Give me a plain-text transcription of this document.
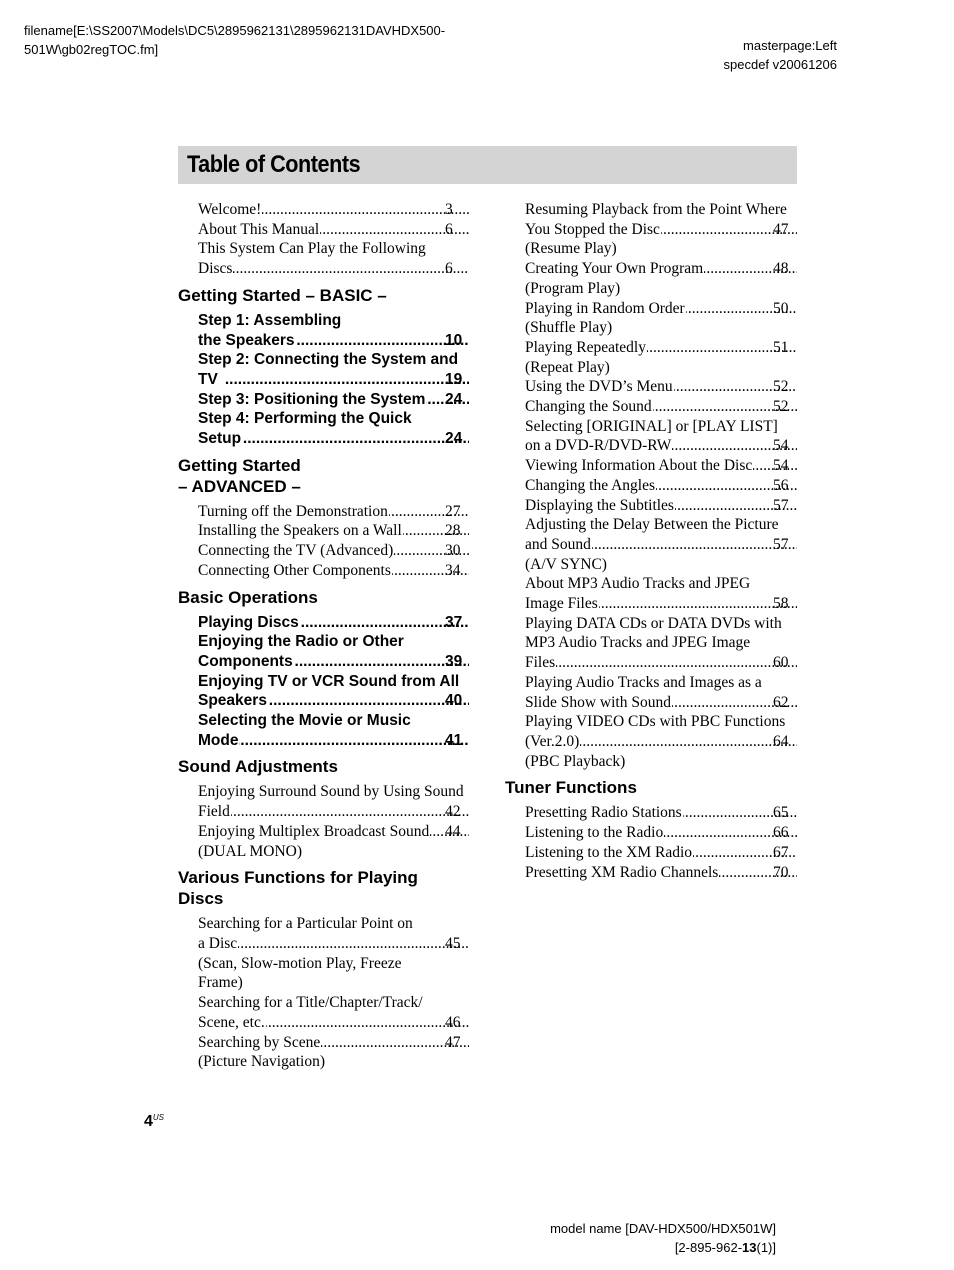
filename[E:\SS2007\Models\DC5\2895962131\2895962131DAVHDX500-
501W\gb02regTOC.fm]	masterpage:Left
specdef v20061206
Table of Contents
Welcome! .....	3
About This Manual .....	6
This System Can Play the Following
Discs .....	6
Getting Started – BASIC –
Step 1: Assembling
the Speakers .....	10
Step 2: Connecting the System and
TV .....	19
Step 3: Positioning the System ..... 24
Step 4: Performing the Quick
Setup .....	24
Getting Started
– ADVANCED –
Turning off the Demonstration .....	27
Installing the Speakers on a Wall .....	28
Connecting the TV (Advanced) .....	30
Connecting Other Components .....	34
Basic Operations
Playing Discs .....	37
Enjoying the Radio or Other
Components .....	39
Enjoying TV or VCR Sound from All
Speakers .....	40
Selecting the Movie or Music
Mode .....	41
Sound Adjustments
Enjoying Surround Sound by Using Sound
Field .....	42
Enjoying Multiplex Broadcast Sound ..... 44
(DUAL MONO)
Various Functions for Playing
Discs
Searching for a Particular Point on
a Disc .....	45
(Scan, Slow-motion Play, Freeze
Frame)
Searching for a Title/Chapter/Track/
Scene, etc. .....	46
Searching by Scene .....	47
(Picture Navigation)
Resuming Playback from the Point Where
You Stopped the Disc .....	47
(Resume Play)
Creating Your Own Program .....	48
(Program Play)
Playing in Random Order .....	50
(Shuffle Play)
Playing Repeatedly .....	51
(Repeat Play)
Using the DVD’s Menu .....	52
Changing the Sound .....	52
Selecting [ORIGINAL] or [PLAY LIST]
on a DVD-R/DVD-RW .....	54
Viewing Information About the Disc ..... 54
Changing the Angles .....	56
Displaying the Subtitles .....	57
Adjusting the Delay Between the Picture
and Sound .....	57
(A/V SYNC)
About MP3 Audio Tracks and JPEG
Image Files .....	58
Playing DATA CDs or DATA DVDs with
MP3 Audio Tracks and JPEG Image
Files .....	60
Playing Audio Tracks and Images as a
Slide Show with Sound .....	62
Playing VIDEO CDs with PBC Functions
(Ver.2.0) .....	64
(PBC Playback)
Tuner Functions
Presetting Radio Stations .....	65
Listening to the Radio .....	66
Listening to the XM Radio .....	67
Presetting XM Radio Channels .....	70
$4^{US}$
model name [DAV-HDX500/HDX501W]
[2-895-962-13(1)]
